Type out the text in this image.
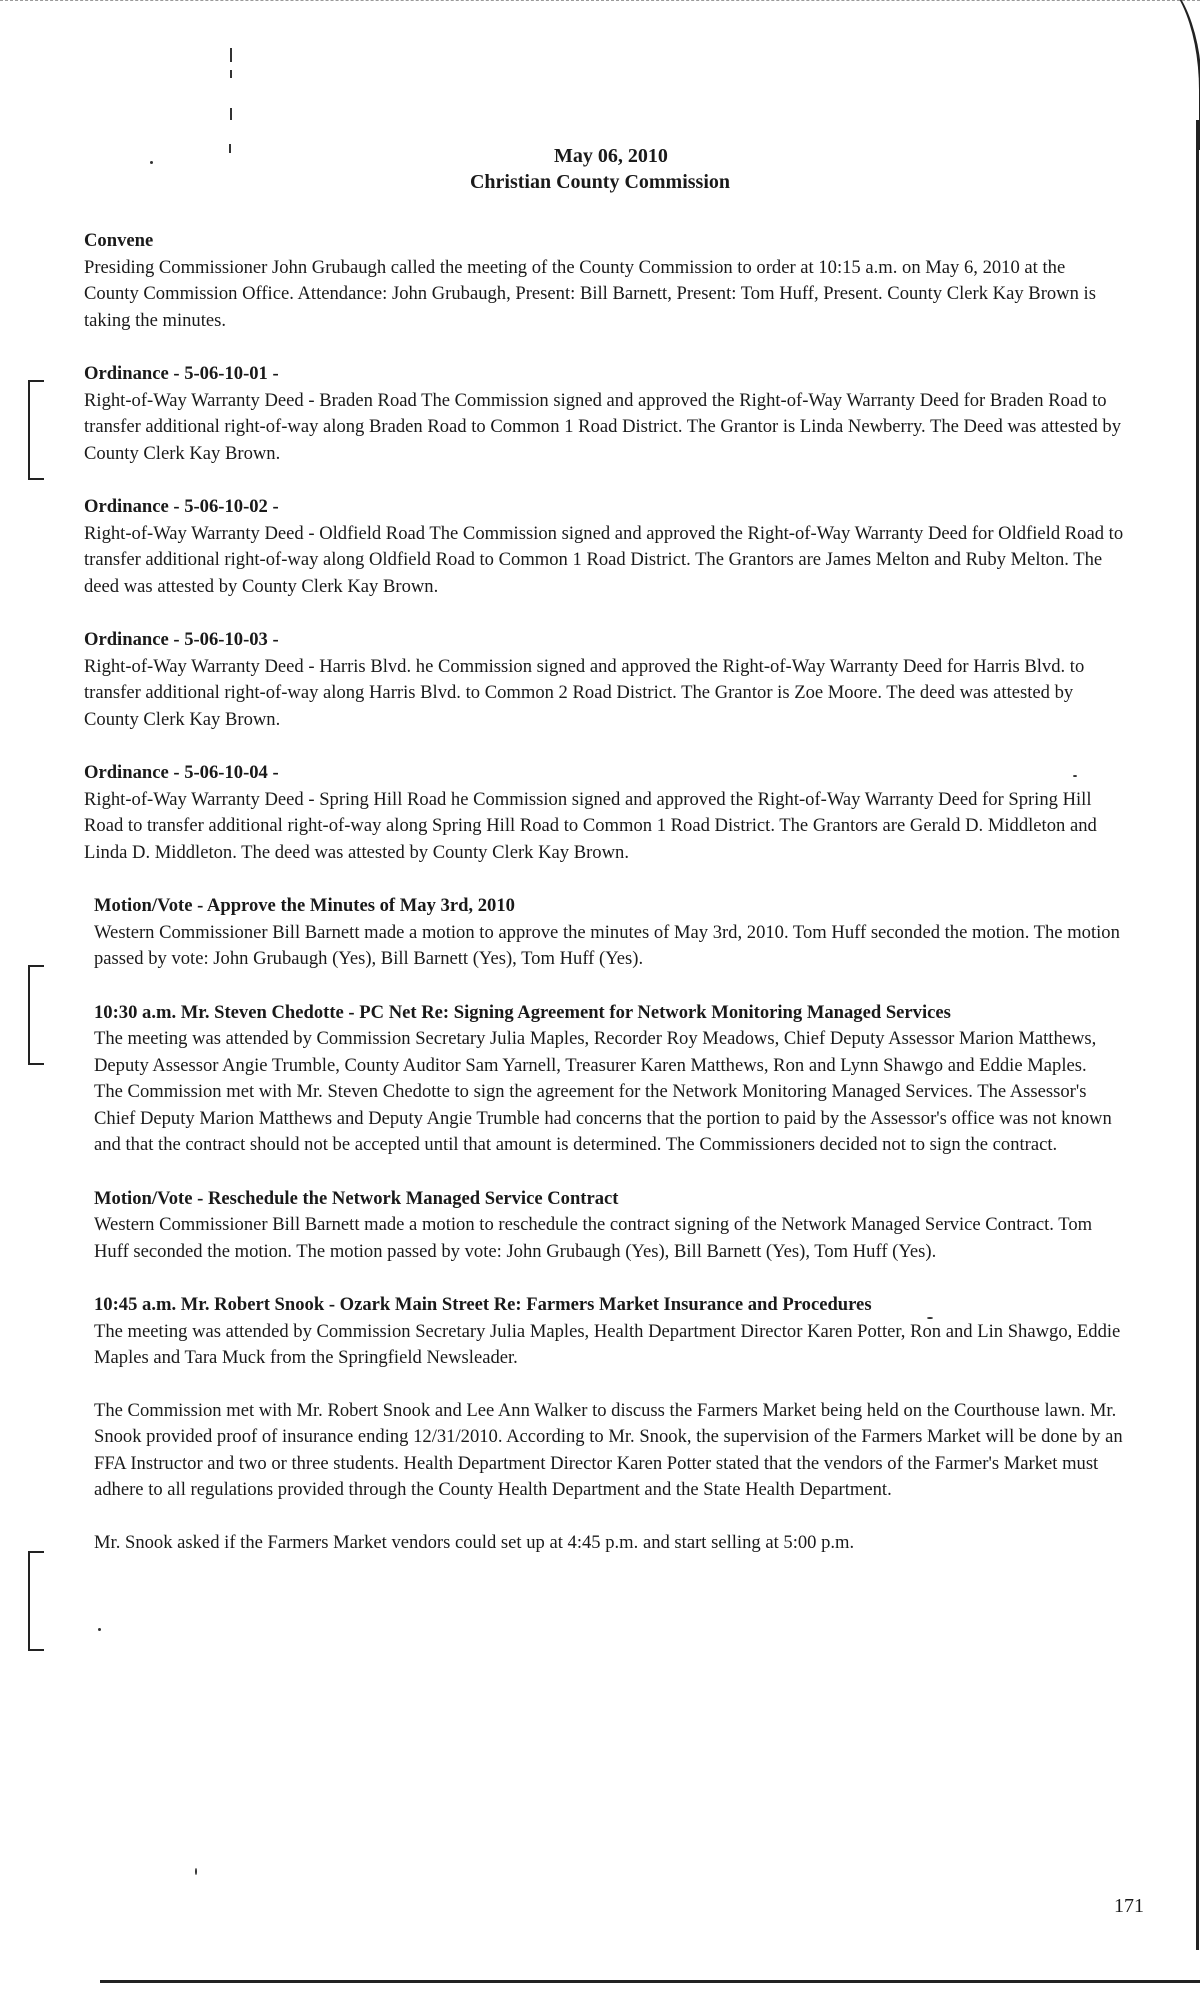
May 06, 2010
Christian County Commission
Convene

Presiding Commissioner John Grubaugh called the meeting of the County Commission to order at 10:15 a.m. on May 6, 2010 at the County Commission Office. Attendance: John Grubaugh, Present: Bill Barnett, Present: Tom Huff, Present. County Clerk Kay Brown is taking the minutes.

Ordinance - 5-06-10-01 -

Right-of-Way Warranty Deed - Braden Road The Commission signed and approved the Right-of-Way Warranty Deed for Braden Road to transfer additional right-of-way along Braden Road to Common 1 Road District. The Grantor is Linda Newberry. The Deed was attested by County Clerk Kay Brown.

Ordinance - 5-06-10-02 -

Right-of-Way Warranty Deed - Oldfield Road The Commission signed and approved the Right-of-Way Warranty Deed for Oldfield Road to transfer additional right-of-way along Oldfield Road to Common 1 Road District. The Grantors are James Melton and Ruby Melton. The deed was attested by County Clerk Kay Brown.

Ordinance - 5-06-10-03 -

Right-of-Way Warranty Deed - Harris Blvd. he Commission signed and approved the Right-of-Way Warranty Deed for Harris Blvd. to transfer additional right-of-way along Harris Blvd. to Common 2 Road District. The Grantor is Zoe Moore. The deed was attested by County Clerk Kay Brown.

Ordinance - 5-06-10-04 -

Right-of-Way Warranty Deed - Spring Hill Road he Commission signed and approved the Right-of-Way Warranty Deed for Spring Hill Road to transfer additional right-of-way along Spring Hill Road to Common 1 Road District. The Grantors are Gerald D. Middleton and Linda D. Middleton. The deed was attested by County Clerk Kay Brown.

Motion/Vote - Approve the Minutes of May 3rd, 2010

Western Commissioner Bill Barnett made a motion to approve the minutes of May 3rd, 2010. Tom Huff seconded the motion. The motion passed by vote: John Grubaugh (Yes), Bill Barnett (Yes), Tom Huff (Yes).

10:30 a.m. Mr. Steven Chedotte - PC Net Re: Signing Agreement for Network Monitoring Managed Services

The meeting was attended by Commission Secretary Julia Maples, Recorder Roy Meadows, Chief Deputy Assessor Marion Matthews, Deputy Assessor Angie Trumble, County Auditor Sam Yarnell, Treasurer Karen Matthews, Ron and Lynn Shawgo and Eddie Maples.

The Commission met with Mr. Steven Chedotte to sign the agreement for the Network Monitoring Managed Services. The Assessor's Chief Deputy Marion Matthews and Deputy Angie Trumble had concerns that the portion to paid by the Assessor's office was not known and that the contract should not be accepted until that amount is determined. The Commissioners decided not to sign the contract.

Motion/Vote - Reschedule the Network Managed Service Contract

Western Commissioner Bill Barnett made a motion to reschedule the contract signing of the Network Managed Service Contract. Tom Huff seconded the motion. The motion passed by vote: John Grubaugh (Yes), Bill Barnett (Yes), Tom Huff (Yes).

10:45 a.m. Mr. Robert Snook - Ozark Main Street Re: Farmers Market Insurance and Procedures

The meeting was attended by Commission Secretary Julia Maples, Health Department Director Karen Potter, Ron and Lin Shawgo, Eddie Maples and Tara Muck from the Springfield Newsleader.

The Commission met with Mr. Robert Snook and Lee Ann Walker to discuss the Farmers Market being held on the Courthouse lawn. Mr. Snook provided proof of insurance ending 12/31/2010. According to Mr. Snook, the supervision of the Farmers Market will be done by an FFA Instructor and two or three students. Health Department Director Karen Potter stated that the vendors of the Farmer's Market must adhere to all regulations provided through the County Health Department and the State Health Department.

Mr. Snook asked if the Farmers Market vendors could set up at 4:45 p.m. and start selling at 5:00 p.m.

171
